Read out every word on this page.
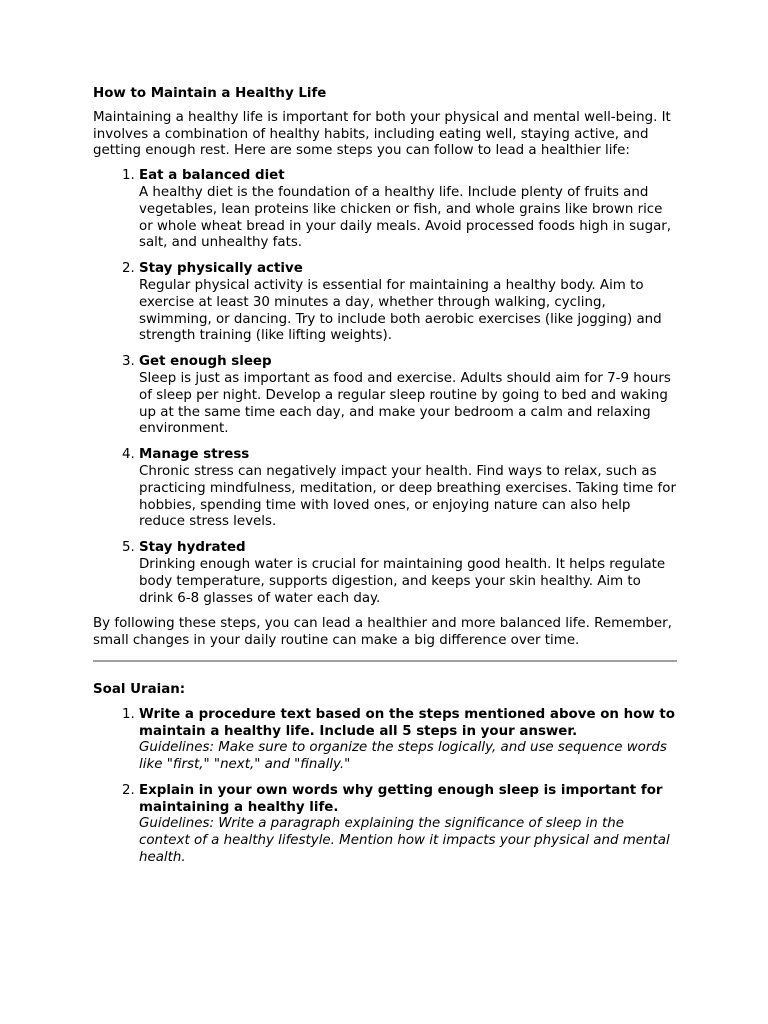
How to Maintain a Healthy Life

Maintaining a healthy life is important for both your physical and mental well-being. It involves a combination of healthy habits, including eating well, staying active, and getting enough rest. Here are some steps you can follow to lead a healthier life:

1. Eat a balanced diet
A healthy diet is the foundation of a healthy life. Include plenty of fruits and vegetables, lean proteins like chicken or fish, and whole grains like brown rice or whole wheat bread in your daily meals. Avoid processed foods high in sugar, salt, and unhealthy fats.
2. Stay physically active
Regular physical activity is essential for maintaining a healthy body. Aim to exercise at least 30 minutes a day, whether through walking, cycling, swimming, or dancing. Try to include both aerobic exercises (like jogging) and strength training (like lifting weights).
3. Get enough sleep
Sleep is just as important as food and exercise. Adults should aim for 7-9 hours of sleep per night. Develop a regular sleep routine by going to bed and waking up at the same time each day, and make your bedroom a calm and relaxing environment.
4. Manage stress
Chronic stress can negatively impact your health. Find ways to relax, such as practicing mindfulness, meditation, or deep breathing exercises. Taking time for hobbies, spending time with loved ones, or enjoying nature can also help reduce stress levels.
5. Stay hydrated
Drinking enough water is crucial for maintaining good health. It helps regulate body temperature, supports digestion, and keeps your skin healthy. Aim to drink 6-8 glasses of water each day.

By following these steps, you can lead a healthier and more balanced life. Remember, small changes in your daily routine can make a big difference over time.

Soal Uraian:
1. Write a procedure text based on the steps mentioned above on how to maintain a healthy life. Include all 5 steps in your answer.
Guidelines: Make sure to organize the steps logically, and use sequence words like "first," "next," and "finally."
2. Explain in your own words why getting enough sleep is important for maintaining a healthy life.
Guidelines: Write a paragraph explaining the significance of sleep in the context of a healthy lifestyle. Mention how it impacts your physical and mental health.
